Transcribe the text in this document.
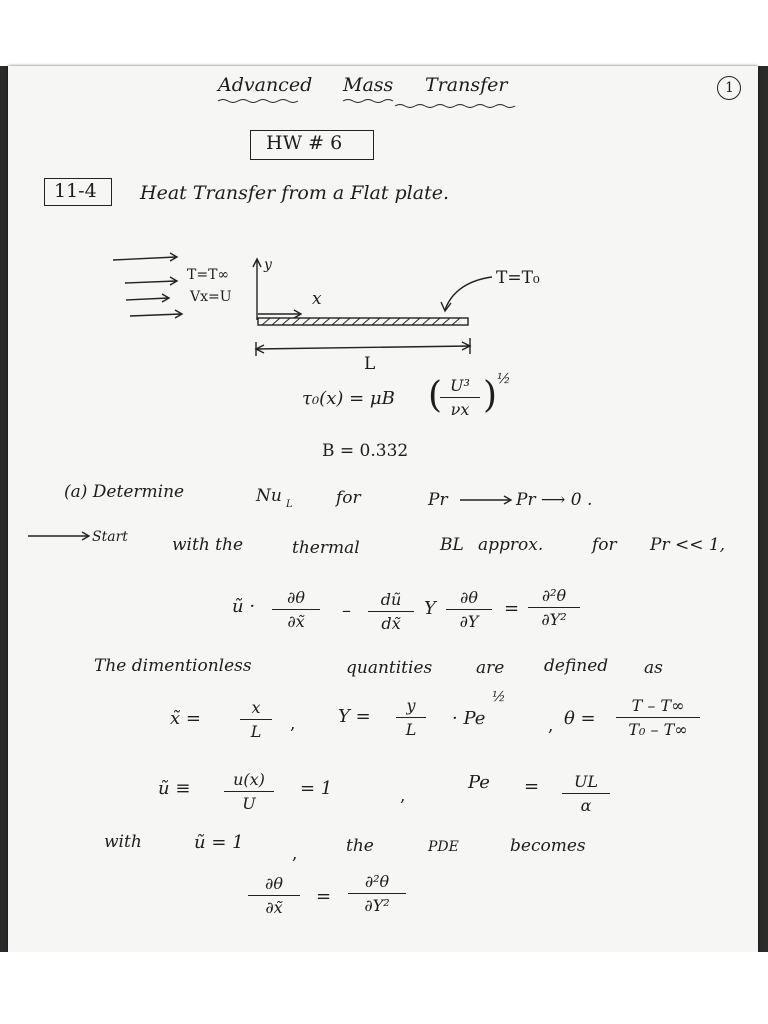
Advanced Mass Transfer	1
HW # 6
11-4 Heat Transfer from a Flat plate.
T=T∞
Vx=U
y
x
T=T₀
L
τ₀(x) = μB (
$\frac{\text{U³}}{\nu x}$ ) ½
B = 0.332
(a) Determine	Nu L	for	Pr	Pr ⟶ 0 .
Start	with the	thermal	BL approx.	for Pr << 1,
ũ · $\frac{\partial\theta}{\partial x̃} - \frac{dũ}{dx̃}$ Y $\frac{\partial\theta}{\partial Y} = \frac{\text{∂²θ}}{\text{∂Y²}}$
The dimentionless	quantities	are defined as
x̃ = $\frac{x}{L}$ , $Y = \frac{y}{L} \cdot Pe$
½
, $\theta = \frac{T - T\infty}{\text{T₀ – T∞}}$
ũ ≡ $\frac{u(x)}{U} = 1$	,
$Pe = \frac{UL}{\alpha}$
with	ũ = 1
,	the	PDE	becomes
$\frac{\partial\theta}{\partial x̃} = \frac{\text{∂²θ}}{\text{∂Y²}}$
